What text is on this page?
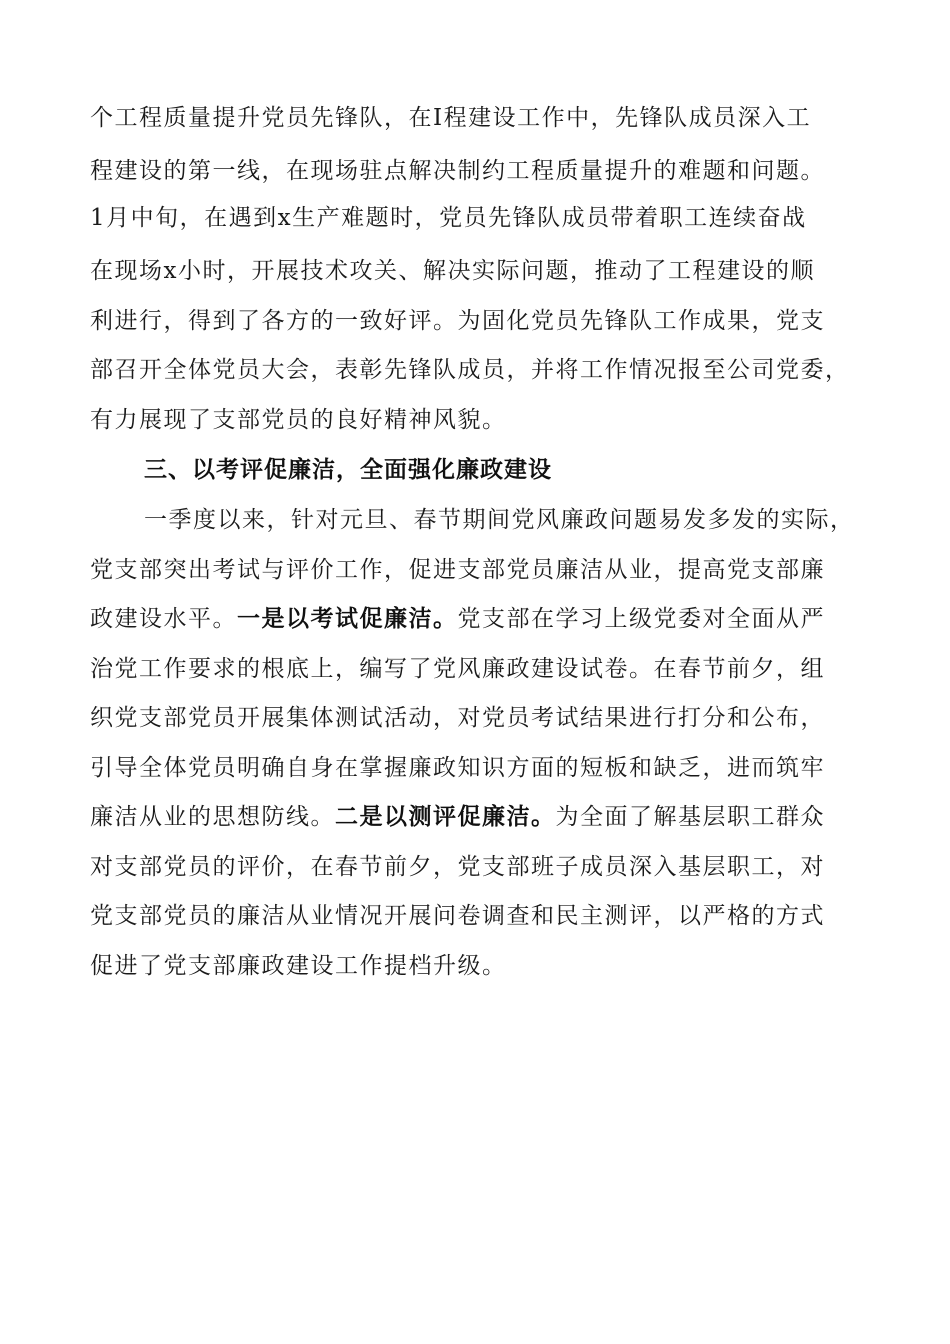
个工程质量提升党员先锋队，在I程建设工作中，先锋队成员深入工

程建设的第一线，在现场驻点解决制约工程质量提升的难题和问题。

1月中旬，在遇到x生产难题时，党员先锋队成员带着职工连续奋战

在现场x小时，开展技术攻关、解决实际问题，推动了工程建设的顺

利进行，得到了各方的一致好评。为固化党员先锋队工作成果，党支

部召开全体党员大会，表彰先锋队成员，并将工作情况报至公司党委，

有力展现了支部党员的良好精神风貌。

三、以考评促廉洁，全面强化廉政建设

一季度以来，针对元旦、春节期间党风廉政问题易发多发的实际，

党支部突出考试与评价工作，促进支部党员廉洁从业，提高党支部廉

政建设水平。一是以考试促廉洁。党支部在学习上级党委对全面从严

治党工作要求的根底上，编写了党风廉政建设试卷。在春节前夕，组

织党支部党员开展集体测试活动，对党员考试结果进行打分和公布，

引导全体党员明确自身在掌握廉政知识方面的短板和缺乏，进而筑牢

廉洁从业的思想防线。二是以测评促廉洁。为全面了解基层职工群众

对支部党员的评价，在春节前夕，党支部班子成员深入基层职工，对

党支部党员的廉洁从业情况开展问卷调查和民主测评，以严格的方式

促进了党支部廉政建设工作提档升级。
